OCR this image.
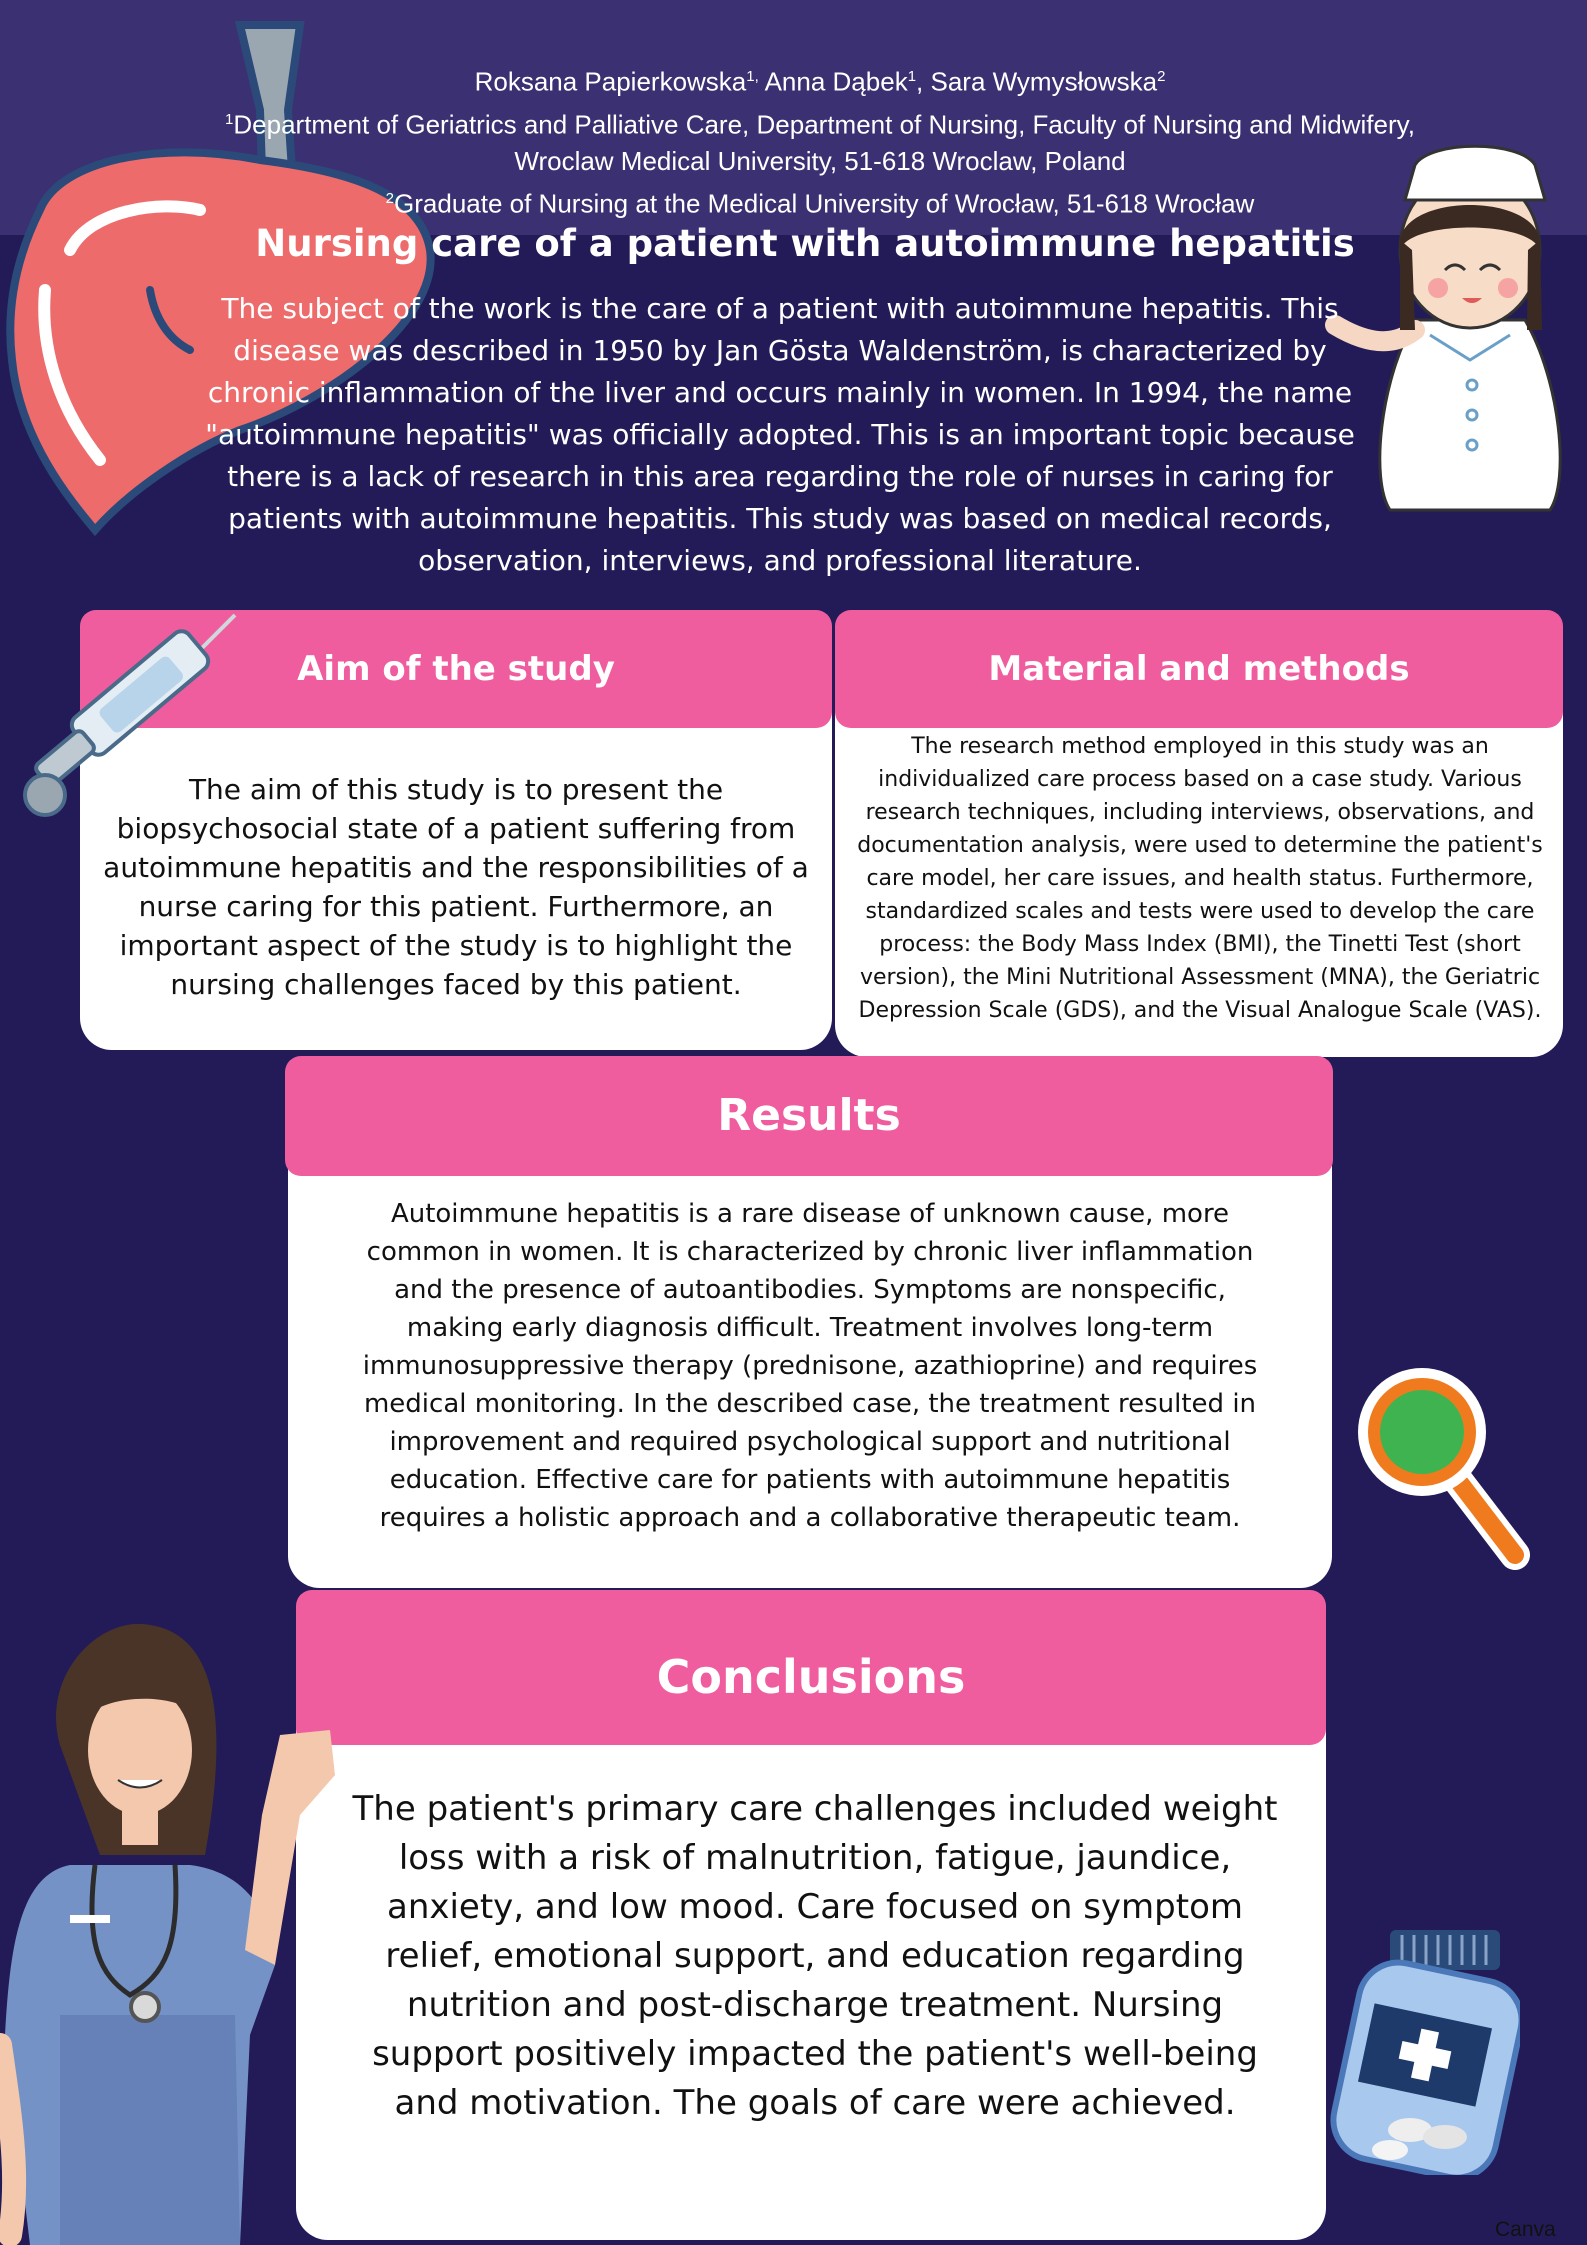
Roksana Papierkowska$^{1,}$ Anna Dąbek$^1$, Sara Wymysłowska$^2$
$^1$Department of Geriatrics and Palliative Care, Department of Nursing, Faculty of Nursing and Midwifery,
Wroclaw Medical University, 51-618 Wroclaw, Poland
$^2$Graduate of Nursing at the Medical University of Wrocław, 51-618 Wrocław
Nursing care of a patient with autoimmune hepatitis
The subject of the work is the care of a patient with autoimmune hepatitis. This disease was described in 1950 by Jan Gösta Waldenström, is characterized by chronic inflammation of the liver and occurs mainly in women. In 1994, the name "autoimmune hepatitis" was officially adopted. This is an important topic because there is a lack of research in this area regarding the role of nurses in caring for patients with autoimmune hepatitis. This study was based on medical records, observation, interviews, and professional literature.
Aim of the study
The aim of this study is to present the biopsychosocial state of a patient suffering from autoimmune hepatitis and the responsibilities of a nurse caring for this patient. Furthermore, an important aspect of the study is to highlight the nursing challenges faced by this patient.
Material and methods
The research method employed in this study was an individualized care process based on a case study. Various research techniques, including interviews, observations, and documentation analysis, were used to determine the patient's care model, her care issues, and health status. Furthermore, standardized scales and tests were used to develop the care process: the Body Mass Index (BMI), the Tinetti Test (short version), the Mini Nutritional Assessment (MNA), the Geriatric Depression Scale (GDS), and the Visual Analogue Scale (VAS).
Results
Autoimmune hepatitis is a rare disease of unknown cause, more common in women. It is characterized by chronic liver inflammation and the presence of autoantibodies. Symptoms are nonspecific, making early diagnosis difficult. Treatment involves long-term immunosuppressive therapy (prednisone, azathioprine) and requires medical monitoring. In the described case, the treatment resulted in improvement and required psychological support and nutritional education. Effective care for patients with autoimmune hepatitis requires a holistic approach and a collaborative therapeutic team.
Conclusions
The patient's primary care challenges included weight loss with a risk of malnutrition, fatigue, jaundice, anxiety, and low mood. Care focused on symptom relief, emotional support, and education regarding nutrition and post-discharge treatment. Nursing support positively impacted the patient's well-being and motivation. The goals of care were achieved.
Canva
